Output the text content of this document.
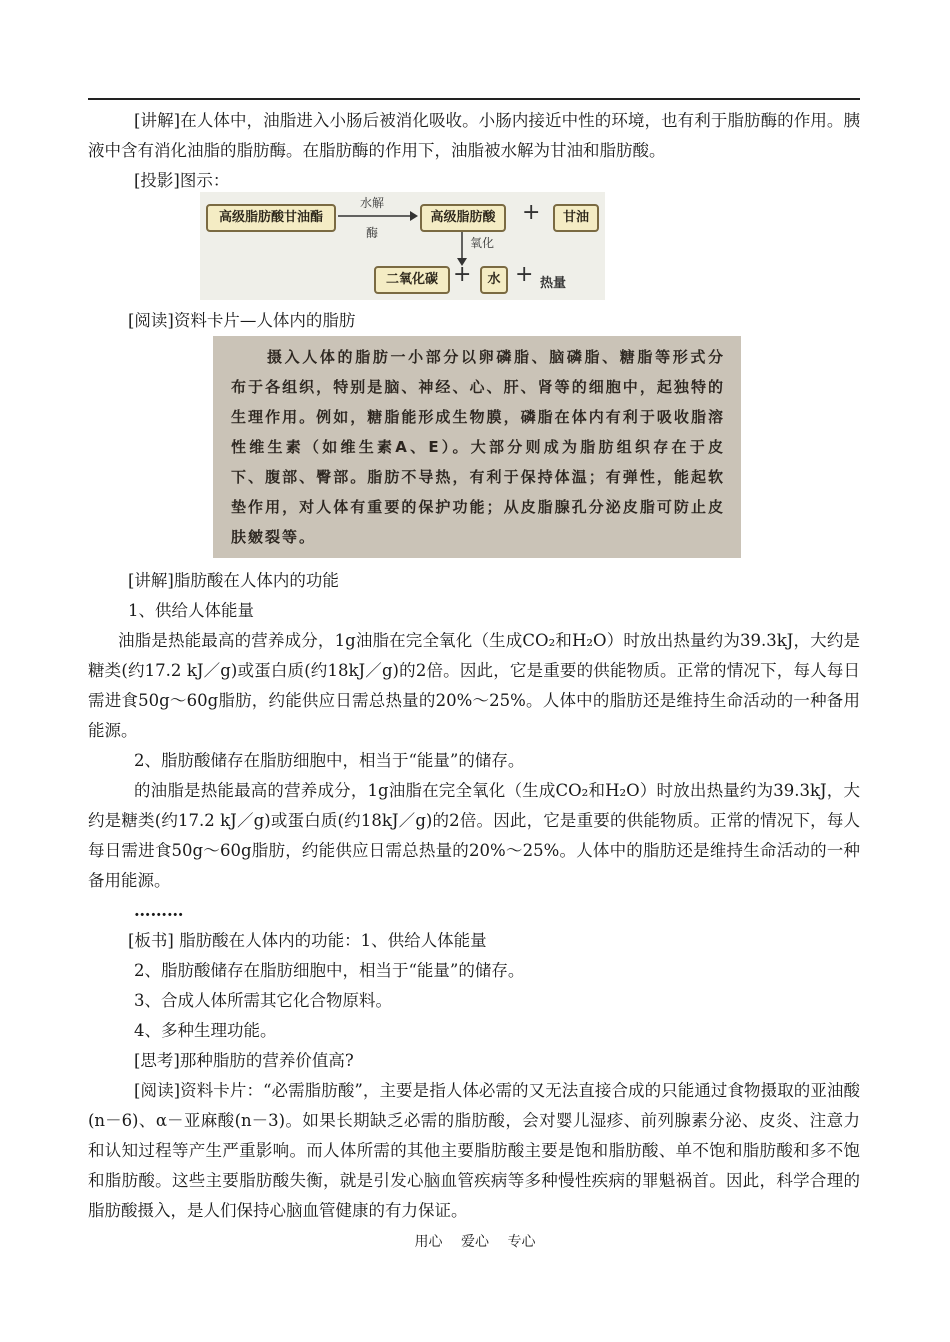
[讲解]在人体中，油脂进入小肠后被消化吸收。小肠内接近中性的环境，也有利于脂肪酶的作用。胰液中含有消化油脂的脂肪酶。在脂肪酶的作用下，油脂被水解为甘油和脂肪酸。

[投影]图示：

高级脂肪酸甘油酯
水解
酶
高级脂肪酸	+	甘油
氧化
二氧化碳 +	水 + 热量

[阅读]资料卡片—人体内的脂肪

摄入人体的脂肪一小部分以卵磷脂、脑磷脂、糖脂等形式分布于各组织，特别是脑、神经、心、肝、肾等的细胞中，起独特的生理作用。例如，糖脂能形成生物膜，磷脂在体内有利于吸收脂溶性维生素（如维生素A、E）。大部分则成为脂肪组织存在于皮下、腹部、臀部。脂肪不导热，有利于保持体温；有弹性，能起软垫作用，对人体有重要的保护功能；从皮脂腺孔分泌皮脂可防止皮肤皴裂等。

[讲解]脂肪酸在人体内的功能

1、供给人体能量

油脂是热能最高的营养成分，1g油脂在完全氧化（生成CO₂和H₂O）时放出热量约为39.3kJ，大约是糖类(约17.2 kJ／g)或蛋白质(约18kJ／g)的2倍。因此，它是重要的供能物质。正常的情况下，每人每日需进食50g～60g脂肪，约能供应日需总热量的20%～25%。人体中的脂肪还是维持生命活动的一种备用能源。

2、脂肪酸储存在脂肪细胞中，相当于“能量”的储存。

的油脂是热能最高的营养成分，1g油脂在完全氧化（生成CO₂和H₂O）时放出热量约为39.3kJ，大约是糖类(约17.2 kJ／g)或蛋白质(约18kJ／g)的2倍。因此，它是重要的供能物质。正常的情况下，每人每日需进食50g～60g脂肪，约能供应日需总热量的20%～25%。人体中的脂肪还是维持生命活动的一种备用能源。

………

[板书] 脂肪酸在人体内的功能：1、供给人体能量

2、脂肪酸储存在脂肪细胞中，相当于“能量”的储存。

3、合成人体所需其它化合物原料。

4、多种生理功能。

[思考]那种脂肪的营养价值高?

[阅读]资料卡片：“必需脂肪酸”，主要是指人体必需的又无法直接合成的只能通过食物摄取的亚油酸(n－6)、α－亚麻酸(n－3)。如果长期缺乏必需的脂肪酸，会对婴儿湿疹、前列腺素分泌、皮炎、注意力和认知过程等产生严重影响。而人体所需的其他主要脂肪酸主要是饱和脂肪酸、单不饱和脂肪酸和多不饱和脂肪酸。这些主要脂肪酸失衡，就是引发心脑血管疾病等多种慢性疾病的罪魁祸首。因此，科学合理的脂肪酸摄入，是人们保持心脑血管健康的有力保证。

用心 爱心 专心
